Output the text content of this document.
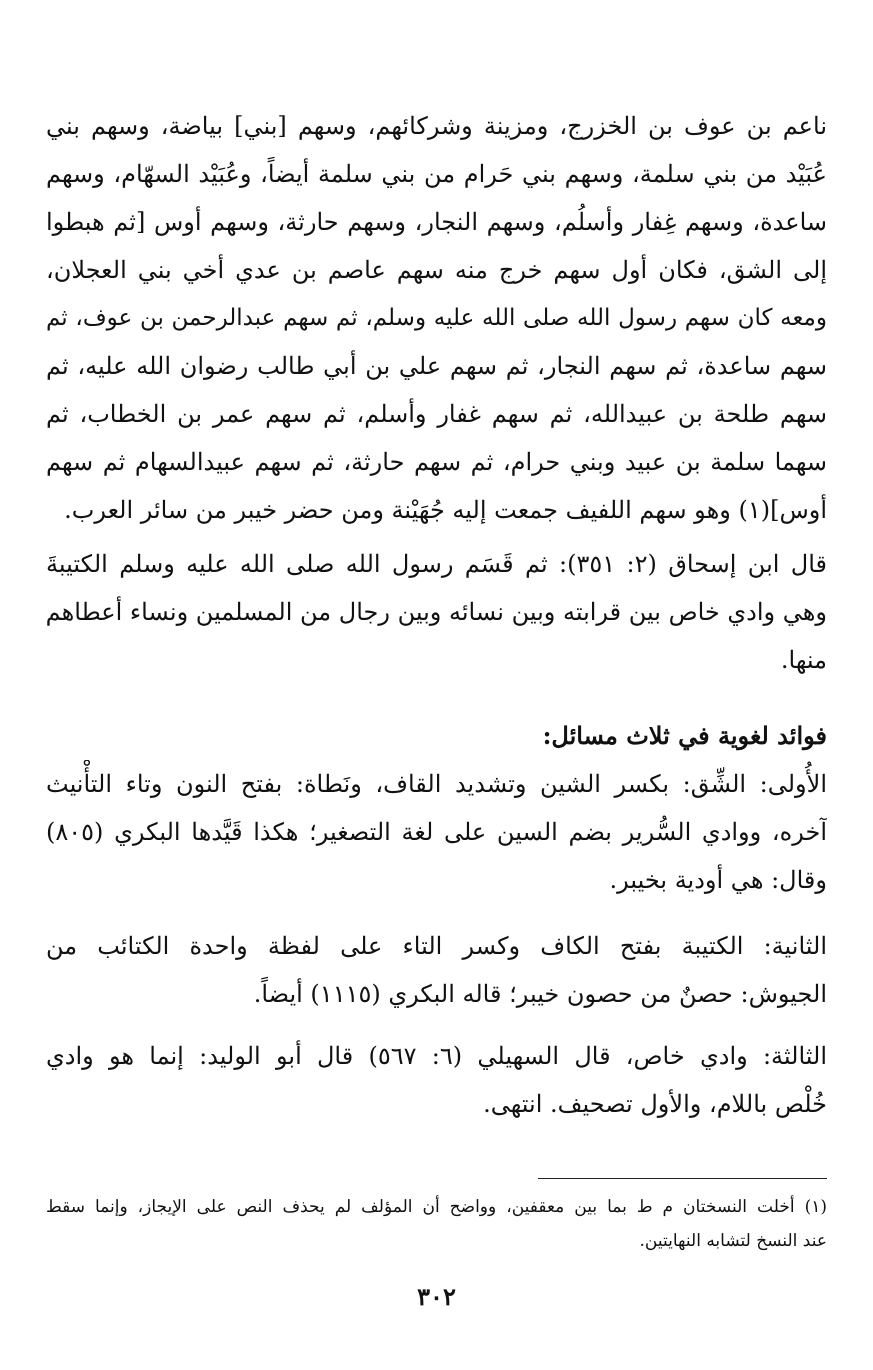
ناعم بن عوف بن الخزرج، ومزينة وشركائهم، وسهم [بني] بياضة، وسهم بني
عُبَيْد من بني سلمة، وسهم بني حَرام من بني سلمة أيضاً، وعُبَيْد السهّام، وسهم
ساعدة، وسهم غِفار وأسلُم، وسهم النجار، وسهم حارثة، وسهم أوس [ثم هبطوا
إلى الشق، فكان أول سهم خرج منه سهم عاصم بن عدي أخي بني العجلان،
ومعه كان سهم رسول الله صلى الله عليه وسلم، ثم سهم عبدالرحمن بن عوف، ثم
سهم ساعدة، ثم سهم النجار، ثم سهم علي بن أبي طالب رضوان الله عليه، ثم
سهم طلحة بن عبيدالله، ثم سهم غفار وأسلم، ثم سهم عمر بن الخطاب، ثم
سهما سلمة بن عبيد وبني حرام، ثم سهم حارثة، ثم سهم عبيدالسهام ثم سهم
أوس](١) وهو سهم اللفيف جمعت إليه جُهَيْنة ومن حضر خيبر من سائر العرب.
قال ابن إسحاق (٢: ٣٥١): ثم قَسَم رسول الله صلى الله عليه وسلم الكتيبةَ
وهي وادي خاص بين قرابته وبين نسائه وبين رجال من المسلمين ونساء أعطاهم
منها.
فوائد لغوية في ثلاث مسائل:
الأُولى: الشِّق: بكسر الشين وتشديد القاف، ونَطاة: بفتح النون وتاء التأْنيث
آخره، ووادي السُّرير بضم السين على لغة التصغير؛ هكذا قَيَّدها البكري (٨٠٥)
وقال: هي أودية بخيبر.
الثانية: الكتيبة بفتح الكاف وكسر التاء على لفظة واحدة الكتائب من
الجيوش: حصنٌ من حصون خيبر؛ قاله البكري (١١١٥) أيضاً.
الثالثة: وادي خاص، قال السهيلي (٦: ٥٦٧) قال أبو الوليد: إنما هو وادي
خُلْص باللام، والأول تصحيف. انتهى.
(١) أخلت النسختان م ط بما بين معقفين، وواضح أن المؤلف لم يحذف النص على الإيجاز، وإنما سقط
عند النسخ لتشابه النهايتين.
٣٠٢
